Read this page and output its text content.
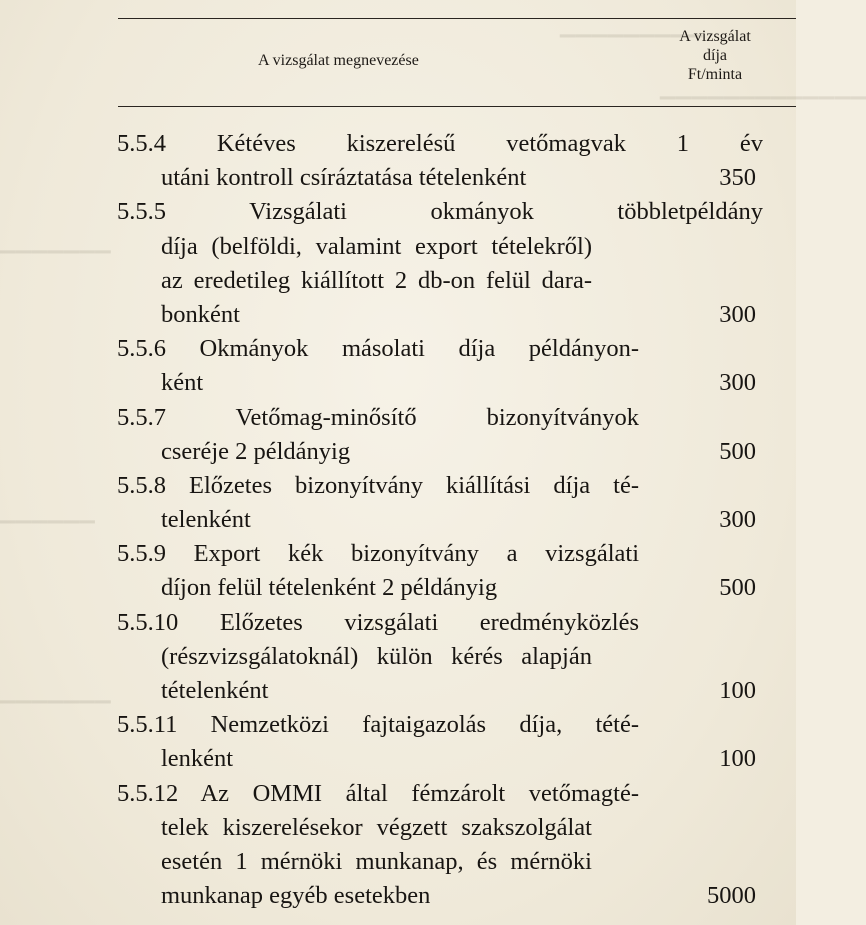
▔▔▔▔▔▔▔▔▔
▔▔▔▔▔▔▔▔▔▔▔▔▔
▔▔▔▔▔▔▔
▔▔▔▔▔▔
▔▔▔▔▔▔▔
A vizsgálat megnevezése
A vizsgálat
díja
Ft/minta
5.5.4 Kétéves kiszerelésű vetőmagvak 1 év
utáni kontroll csíráztatása tételenként	350
5.5.5 Vizsgálati okmányok többletpéldány
díja (belföldi, valamint export tételekről)
az eredetileg kiállított 2 db-on felül dara-
bonként	300
5.5.6 Okmányok másolati díja példányon-
ként	300
5.5.7 Vetőmag-minősítő bizonyítványok
cseréje 2 példányig	500
5.5.8 Előzetes bizonyítvány kiállítási díja té-
telenként	300
5.5.9 Export kék bizonyítvány a vizsgálati
díjon felül tételenként 2 példányig	500
5.5.10 Előzetes vizsgálati eredményközlés
(részvizsgálatoknál) külön kérés alapján
tételenként	100
5.5.11 Nemzetközi fajtaigazolás díja, tété-
lenként	100
5.5.12 Az OMMI által fémzárolt vetőmagté-
telek kiszerelésekor végzett szakszolgálat
esetén 1 mérnöki munkanap, és mérnöki
munkanap egyéb esetekben	5000
